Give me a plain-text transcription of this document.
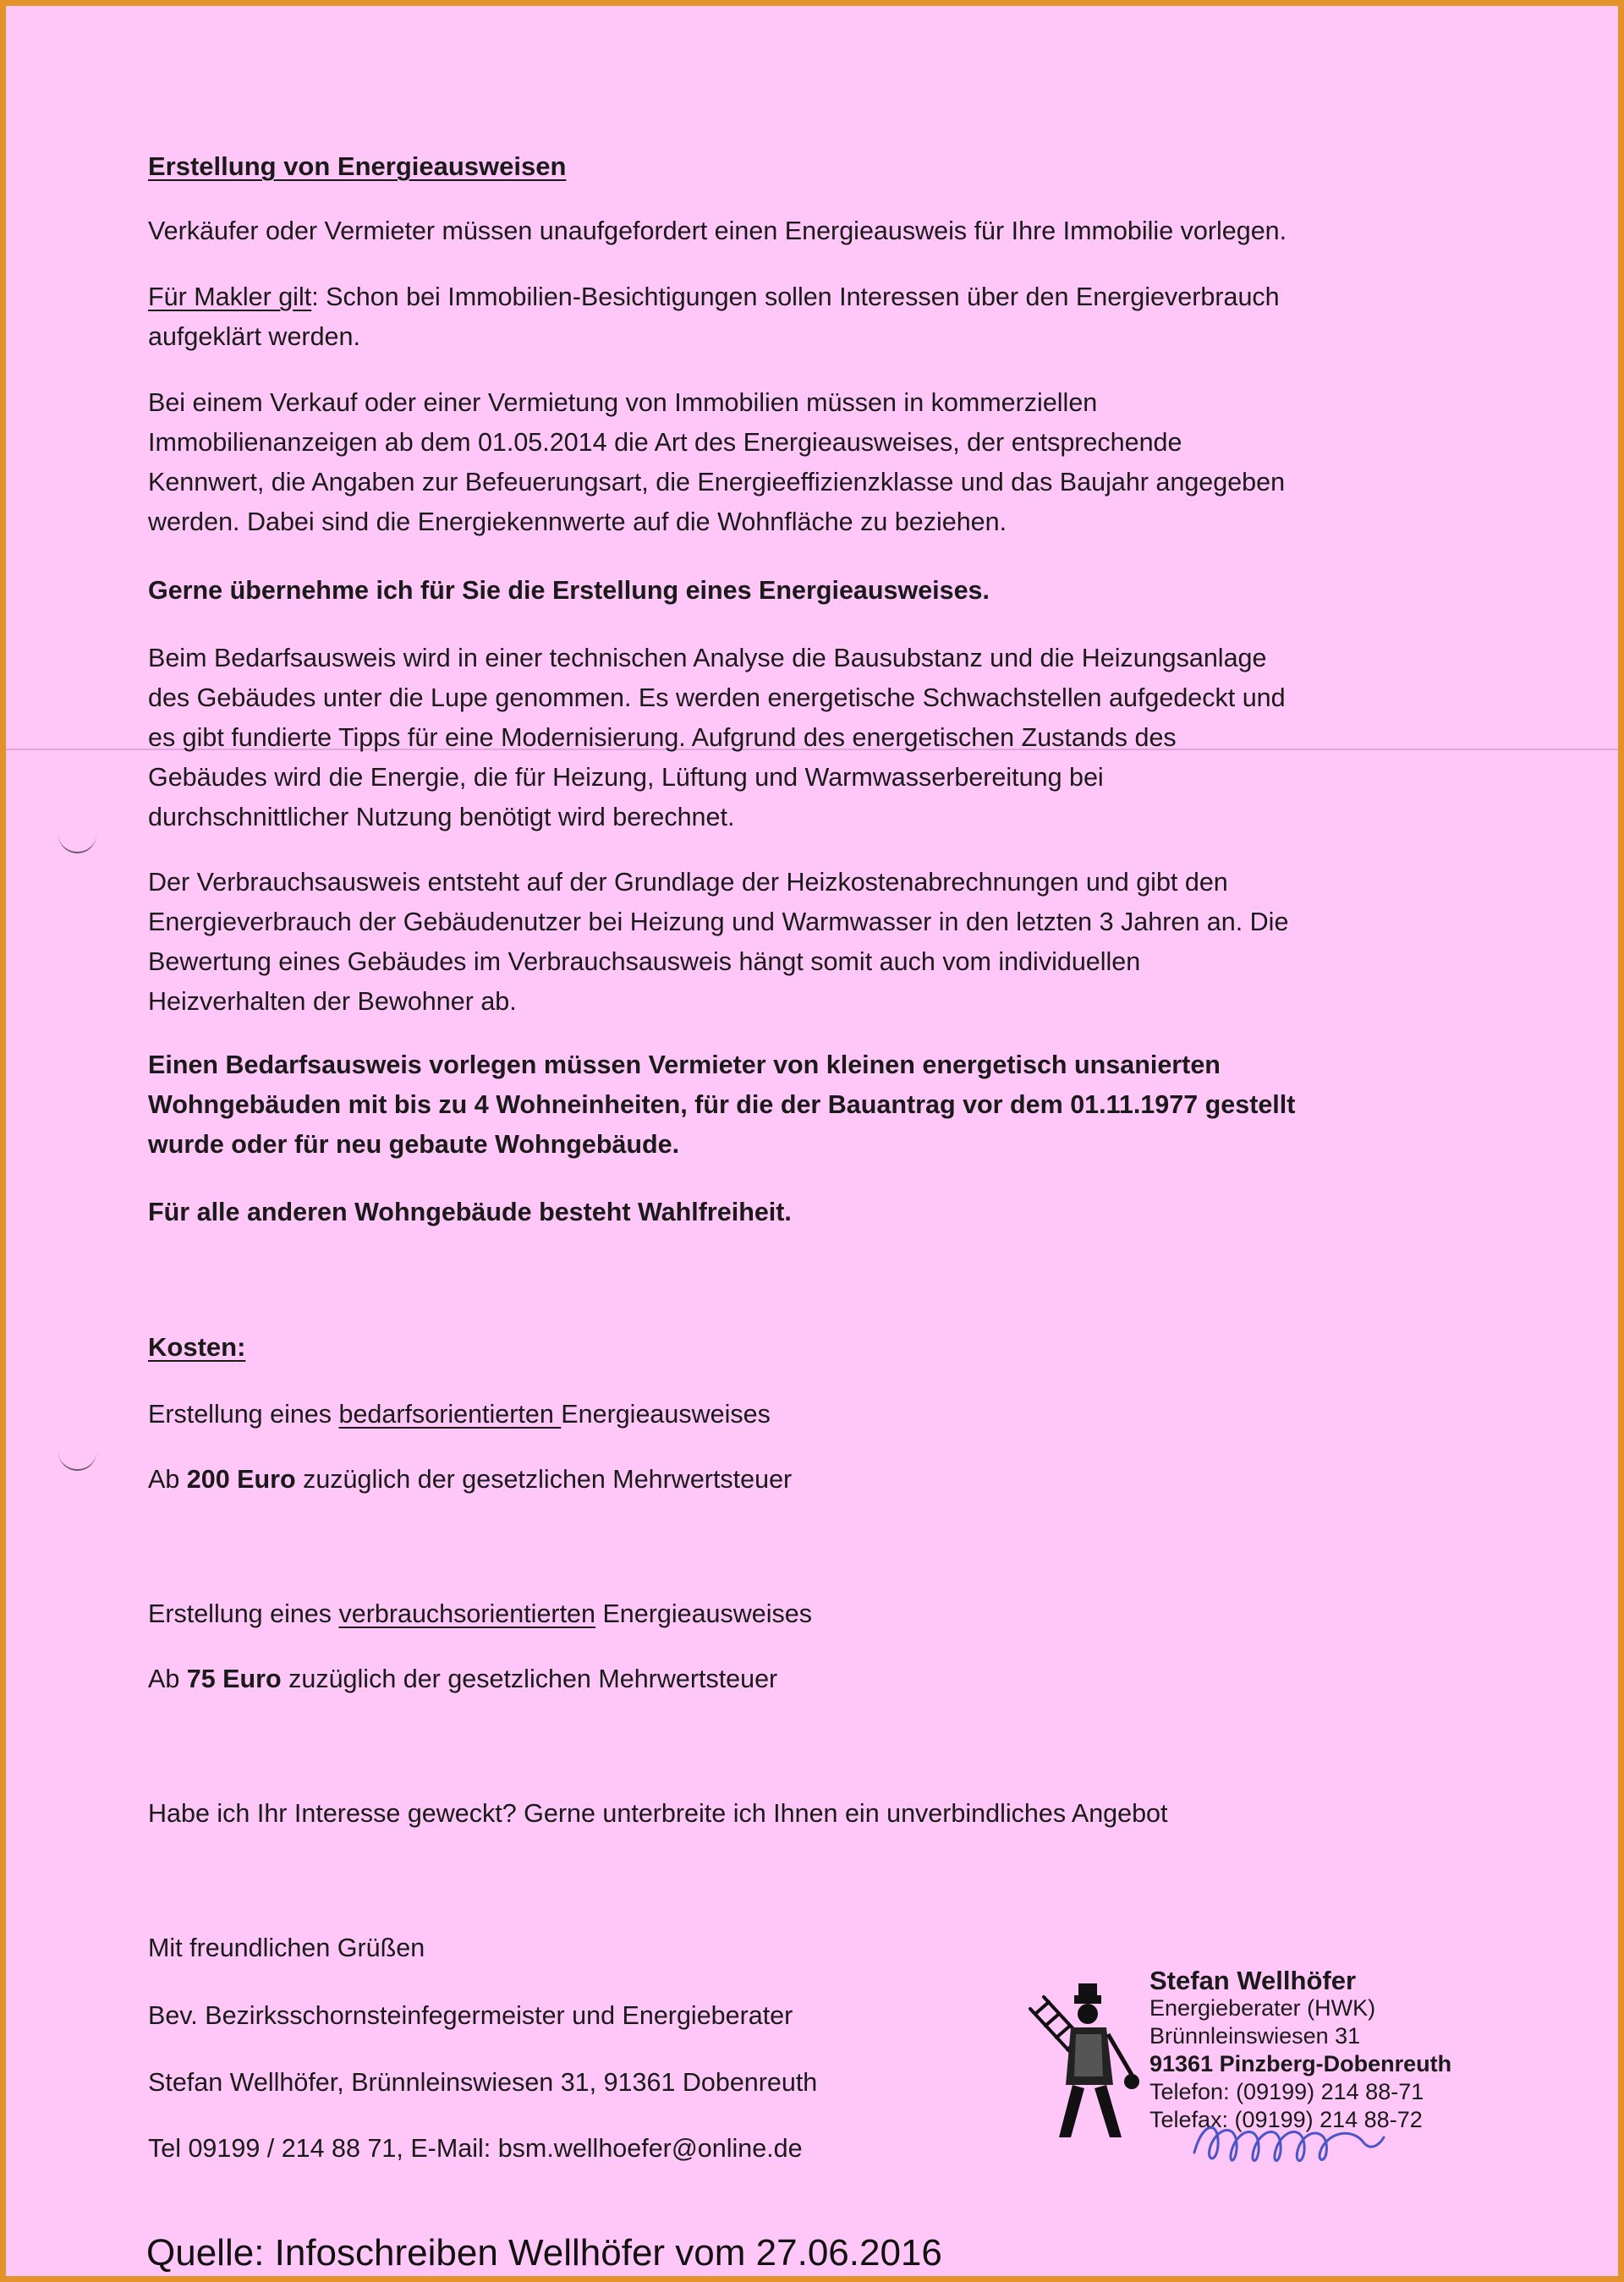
Erstellung von Energieausweisen

Verkäufer oder Vermieter müssen unaufgefordert einen Energieausweis für Ihre Immobilie vorlegen.

Für Makler gilt: Schon bei Immobilien-Besichtigungen sollen Interessen über den Energieverbrauch

aufgeklärt werden.

Bei einem Verkauf oder einer Vermietung von Immobilien müssen in kommerziellen

Immobilienanzeigen ab dem 01.05.2014 die Art des Energieausweises, der entsprechende

Kennwert, die Angaben zur Befeuerungsart, die Energieeffizienzklasse und das Baujahr angegeben

werden. Dabei sind die Energiekennwerte auf die Wohnfläche zu beziehen.

Gerne übernehme ich für Sie die Erstellung eines Energieausweises.

Beim Bedarfsausweis wird in einer technischen Analyse die Bausubstanz und die Heizungsanlage

des Gebäudes unter die Lupe genommen. Es werden energetische Schwachstellen aufgedeckt und

es gibt fundierte Tipps für eine Modernisierung. Aufgrund des energetischen Zustands des

Gebäudes wird die Energie, die für Heizung, Lüftung und Warmwasserbereitung bei

durchschnittlicher Nutzung benötigt wird berechnet.

Der Verbrauchsausweis entsteht auf der Grundlage der Heizkostenabrechnungen und gibt den

Energieverbrauch der Gebäudenutzer bei Heizung und Warmwasser in den letzten 3 Jahren an. Die

Bewertung eines Gebäudes im Verbrauchsausweis hängt somit auch vom individuellen

Heizverhalten der Bewohner ab.

Einen Bedarfsausweis vorlegen müssen Vermieter von kleinen energetisch unsanierten

Wohngebäuden mit bis zu 4 Wohneinheiten, für die der Bauantrag vor dem 01.11.1977 gestellt

wurde oder für neu gebaute Wohngebäude.

Für alle anderen Wohngebäude besteht Wahlfreiheit.

Kosten:

Erstellung eines bedarfsorientierten Energieausweises

Ab 200 Euro zuzüglich der gesetzlichen Mehrwertsteuer

Erstellung eines verbrauchsorientierten Energieausweises

Ab 75 Euro zuzüglich der gesetzlichen Mehrwertsteuer

Habe ich Ihr Interesse geweckt? Gerne unterbreite ich Ihnen ein unverbindliches Angebot

Mit freundlichen Grüßen

Bev. Bezirksschornsteinfegermeister und Energieberater

Stefan Wellhöfer, Brünnleinswiesen 31, 91361 Dobenreuth

Tel 09199 / 214 88 71, E-Mail: bsm.wellhoefer@online.de

Stefan Wellhöfer
Energieberater (HWK)
Brünnleinswiesen 31
91361 Pinzberg-Dobenreuth
Telefon: (09199) 214 88-71
Telefax: (09199) 214 88-72
Quelle: Infoschreiben Wellhöfer vom 27.06.2016
